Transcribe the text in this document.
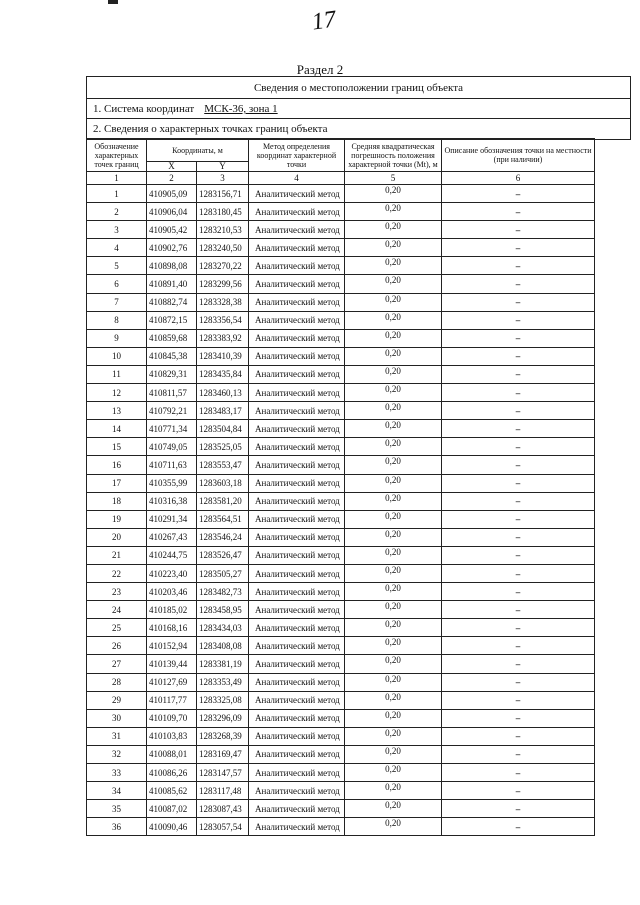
17
Раздел 2
Сведения о местоположении границ объекта
1. Система координат МСК-36, зона 1
2. Сведения о характерных точках границ объекта
Обозначение характерных точек границ	Координаты, м		Метод определения координат характерной точки	Средняя квадратическая погрешность положения характерной точки (Mt), м	Описание обозначения точки на местности (при наличии)
	X	Y			
1	2	3	4	5	6
1	410905,09	1283156,71	Аналитический метод	0,20	–
2	410906,04	1283180,45	Аналитический метод	0,20	–
3	410905,42	1283210,53	Аналитический метод	0,20	–
4	410902,76	1283240,50	Аналитический метод	0,20	–
5	410898,08	1283270,22	Аналитический метод	0,20	–
6	410891,40	1283299,56	Аналитический метод	0,20	–
7	410882,74	1283328,38	Аналитический метод	0,20	–
8	410872,15	1283356,54	Аналитический метод	0,20	–
9	410859,68	1283383,92	Аналитический метод	0,20	–
10	410845,38	1283410,39	Аналитический метод	0,20	–
11	410829,31	1283435,84	Аналитический метод	0,20	–
12	410811,57	1283460,13	Аналитический метод	0,20	–
13	410792,21	1283483,17	Аналитический метод	0,20	–
14	410771,34	1283504,84	Аналитический метод	0,20	–
15	410749,05	1283525,05	Аналитический метод	0,20	–
16	410711,63	1283553,47	Аналитический метод	0,20	–
17	410355,99	1283603,18	Аналитический метод	0,20	–
18	410316,38	1283581,20	Аналитический метод	0,20	–
19	410291,34	1283564,51	Аналитический метод	0,20	–
20	410267,43	1283546,24	Аналитический метод	0,20	–
21	410244,75	1283526,47	Аналитический метод	0,20	–
22	410223,40	1283505,27	Аналитический метод	0,20	–
23	410203,46	1283482,73	Аналитический метод	0,20	–
24	410185,02	1283458,95	Аналитический метод	0,20	–
25	410168,16	1283434,03	Аналитический метод	0,20	–
26	410152,94	1283408,08	Аналитический метод	0,20	–
27	410139,44	1283381,19	Аналитический метод	0,20	–
28	410127,69	1283353,49	Аналитический метод	0,20	–
29	410117,77	1283325,08	Аналитический метод	0,20	–
30	410109,70	1283296,09	Аналитический метод	0,20	–
31	410103,83	1283268,39	Аналитический метод	0,20	–
32	410088,01	1283169,47	Аналитический метод	0,20	–
33	410086,26	1283147,57	Аналитический метод	0,20	–
34	410085,62	1283117,48	Аналитический метод	0,20	–
35	410087,02	1283087,43	Аналитический метод	0,20	–
36	410090,46	1283057,54	Аналитический метод	0,20	–
